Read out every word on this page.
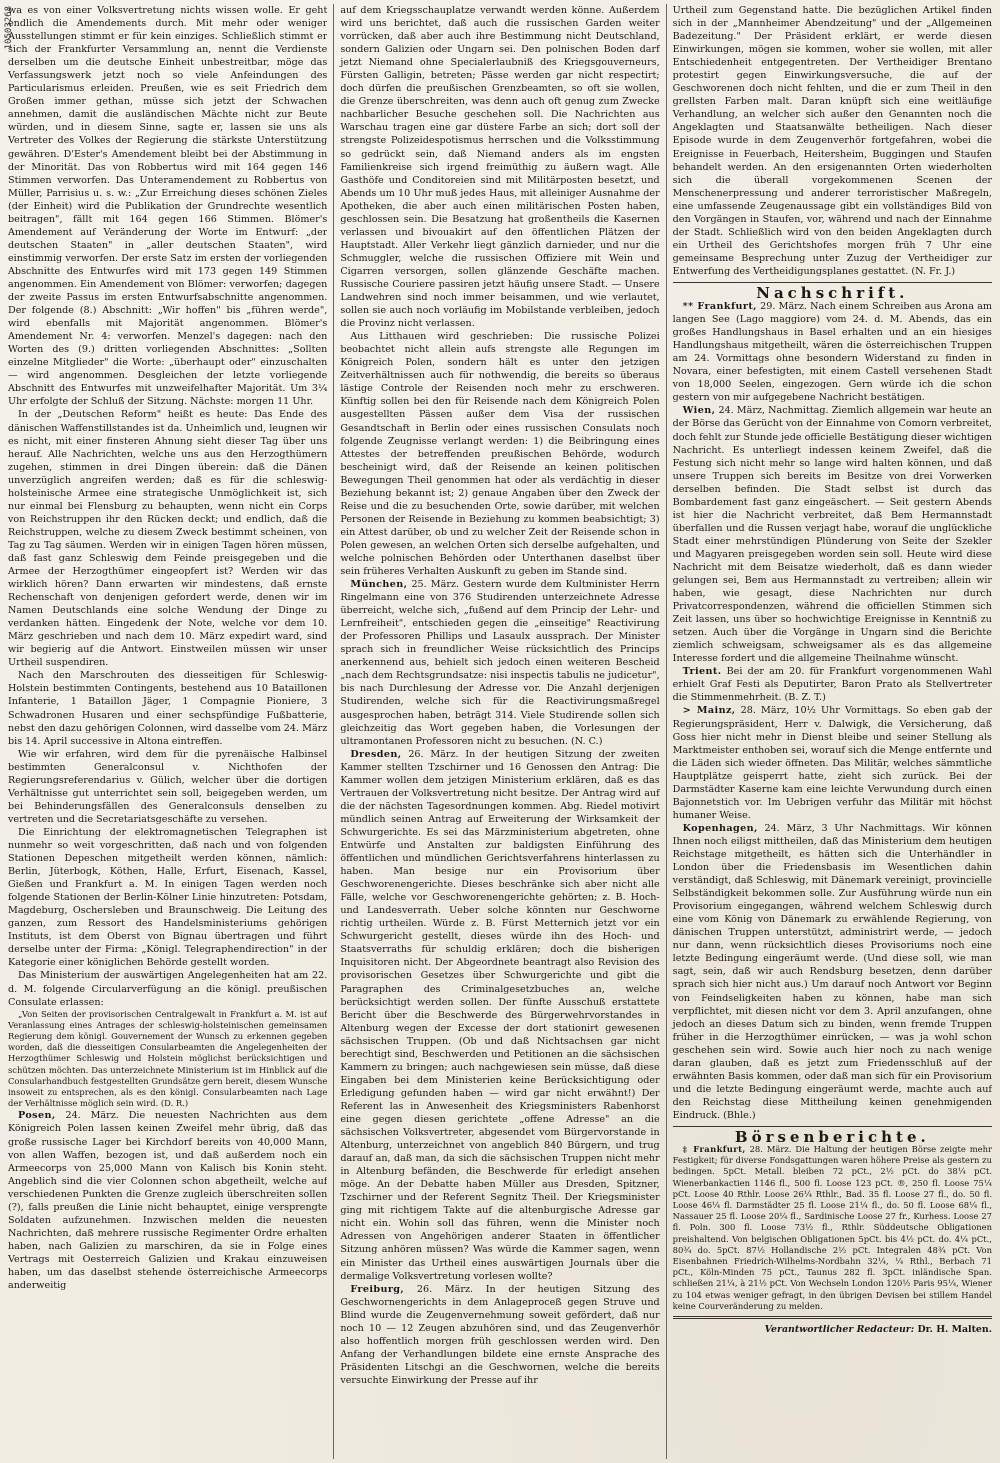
10503268

wa es von einer Volksvertretung nichts wissen wolle. Er geht endlich die Amendements durch. Mit mehr oder weniger Ausstellungen stimmt er für kein einziges. Schließlich stimmt er sich der Frankfurter Versammlung an, nennt die Verdienste derselben um die deutsche Einheit unbestreitbar, möge das Verfassungswerk jetzt noch so viele Anfeindungen des Particularismus erleiden. Preußen, wie es seit Friedrich dem Großen immer gethan, müsse sich jetzt der Schwachen annehmen, damit die ausländischen Mächte nicht zur Beute würden, und in diesem Sinne, sagte er, lassen sie uns als Vertreter des Volkes der Regierung die stärkste Unterstützung gewähren. D'Ester's Amendement bleibt bei der Abstimmung in der Minorität. Das von Robbertus wird mit 164 gegen 146 Stimmen verworfen. Das Unteramendement zu Robbertus von Müller, Parrisius u. s. w.: „Zur Erreichung dieses schönen Zieles (der Einheit) wird die Publikation der Grundrechte wesentlich beitragen", fällt mit 164 gegen 166 Stimmen. Blömer's Amendement auf Veränderung der Worte im Entwurf: „der deutschen Staaten" in „aller deutschen Staaten", wird einstimmig verworfen. Der erste Satz im ersten der vorliegenden Abschnitte des Entwurfes wird mit 173 gegen 149 Stimmen angenommen. Ein Amendement von Blömer: verworfen; dagegen der zweite Passus im ersten Entwurfsabschnitte angenommen. Der folgende (8.) Abschnitt: „Wir hoffen" bis „führen werde", wird ebenfalls mit Majorität angenommen. Blömer's Amendement Nr. 4: verworfen. Menzel's dagegen: nach den Worten des (9.) dritten vorliegenden Abschnittes: „Sollten einzelne Mitglieder" die Worte: „überhaupt oder" einzuschalten — wird angenommen. Desgleichen der letzte vorliegende Abschnitt des Entwurfes mit unzweifelhafter Majorität. Um 3¼ Uhr erfolgte der Schluß der Sitzung. Nächste: morgen 11 Uhr.

In der „Deutschen Reform" heißt es heute: Das Ende des dänischen Waffenstillstandes ist da. Unheimlich und, leugnen wir es nicht, mit einer finsteren Ahnung sieht dieser Tag über uns herauf. Alle Nachrichten, welche uns aus den Herzogthümern zugehen, stimmen in drei Dingen überein: daß die Dänen unverzüglich angreifen werden; daß es für die schleswig-holsteinische Armee eine strategische Unmöglichkeit ist, sich nur einmal bei Flensburg zu behaupten, wenn nicht ein Corps von Reichstruppen ihr den Rücken deckt; und endlich, daß die Reichstruppen, welche zu diesem Zweck bestimmt scheinen, von Tag zu Tag säumen. Werden wir in einigen Tagen hören müssen, daß fast ganz Schleswig dem Feinde preisgegeben und die Armee der Herzogthümer eingeopfert ist? Werden wir das wirklich hören? Dann erwarten wir mindestens, daß ernste Rechenschaft von denjenigen gefordert werde, denen wir im Namen Deutschlands eine solche Wendung der Dinge zu verdanken hätten. Eingedenk der Note, welche vor dem 10. März geschrieben und nach dem 10. März expedirt ward, sind wir begierig auf die Antwort. Einstweilen müssen wir unser Urtheil suspendiren.

Nach den Marschrouten des diesseitigen für Schleswig-Holstein bestimmten Contingents, bestehend aus 10 Bataillonen Infanterie, 1 Bataillon Jäger, 1 Compagnie Pioniere, 3 Schwadronen Husaren und einer sechspfündige Fußbatterie, nebst den dazu gehörigen Colonnen, wird dasselbe vom 24. März bis 14. April successive in Altona eintreffen.

Wie wir erfahren, wird dem für die pyrenäische Halbinsel bestimmten Generalconsul v. Nichthofen der Regierungsreferendarius v. Gülich, welcher über die dortigen Verhältnisse gut unterrichtet sein soll, beigegeben werden, um bei Behinderungsfällen des Generalconsuls denselben zu vertreten und die Secretariatsgeschäfte zu versehen.

Die Einrichtung der elektromagnetischen Telegraphen ist nunmehr so weit vorgeschritten, daß nach und von folgenden Stationen Depeschen mitgetheilt werden können, nämlich: Berlin, Jüterbogk, Köthen, Halle, Erfurt, Eisenach, Kassel, Gießen und Frankfurt a. M. In einigen Tagen werden noch folgende Stationen der Berlin-Kölner Linie hinzutreten: Potsdam, Magdeburg, Oschersleben und Braunschweig. Die Leitung des ganzen, zum Ressort des Handelsministeriums gehörigen Instituts, ist dem Oberst von Bignau übertragen und führt derselbe unter der Firma: „Königl. Telegraphendirection" in der Kategorie einer königlichen Behörde gestellt worden.

Das Ministerium der auswärtigen Angelegenheiten hat am 22. d. M. folgende Circularverfügung an die königl. preußischen Consulate erlassen:

„Von Seiten der provisorischen Centralgewalt in Frankfurt a. M. ist auf Veranlassung eines Antrages der schleswig-holsteinischen gemeinsamen Regierung dem königl. Gouvernement der Wunsch zu erkennen gegeben worden, daß die diesseitigen Consularbeamten die Angelegenheiten der Herzogthümer Schleswig und Holstein möglichst berücksichtigen und schützen möchten. Das unterzeichnete Ministerium ist im Hinblick auf die Consularhandbuch festgestellten Grundsätze gern bereit, diesem Wunsche insoweit zu entsprechen, als es den königl. Consularbeamten nach Lage der Verhältnisse möglich sein wird. (D. R.)

Posen, 24. März. Die neuesten Nachrichten aus dem Königreich Polen lassen keinen Zweifel mehr übrig, daß das große russische Lager bei Kirchdorf bereits von 40,000 Mann, von allen Waffen, bezogen ist, und daß außerdem noch ein Armeecorps von 25,000 Mann von Kalisch bis Konin steht. Angeblich sind die vier Colonnen schon abgetheilt, welche auf verschiedenen Punkten die Grenze zugleich überschreiten sollen (?), falls preußen die Linie nicht behauptet, einige versprengte Soldaten aufzunehmen. Inzwischen melden die neuesten Nachrichten, daß mehrere russische Regimenter Ordre erhalten haben, nach Galizien zu marschiren, da sie in Folge eines Vertrags mit Oesterreich Galizien und Krakau einzuweisen haben, um das daselbst stehende österreichische Armeecorps anderweitig

auf dem Kriegsschauplatze verwandt werden könne. Außerdem wird uns berichtet, daß auch die russischen Garden weiter vorrücken, daß aber auch ihre Bestimmung nicht Deutschland, sondern Galizien oder Ungarn sei. Den polnischen Boden darf jetzt Niemand ohne Specialerlaubniß des Kriegsgouverneurs, Fürsten Galligin, betreten; Pässe werden gar nicht respectirt; doch dürfen die preußischen Grenzbeamten, so oft sie wollen, die Grenze überschreiten, was denn auch oft genug zum Zwecke nachbarlicher Besuche geschehen soll. Die Nachrichten aus Warschau tragen eine gar düstere Farbe an sich; dort soll der strengste Polizeidespotismus herrschen und die Volksstimmung so gedrückt sein, daß Niemand anders als im engsten Familienkreise sich irgend freimüthig zu äußern wagt. Alle Gasthöfe und Conditoreien sind mit Militärposten besetzt, und Abends um 10 Uhr muß jedes Haus, mit alleiniger Ausnahme der Apotheken, die aber auch einen militärischen Posten haben, geschlossen sein. Die Besatzung hat großentheils die Kasernen verlassen und bivouakirt auf den öffentlichen Plätzen der Hauptstadt. Aller Verkehr liegt gänzlich darnieder, und nur die Schmuggler, welche die russischen Offiziere mit Wein und Cigarren versorgen, sollen glänzende Geschäfte machen. Russische Couriere passiren jetzt häufig unsere Stadt. — Unsere Landwehren sind noch immer beisammen, und wie verlautet, sollen sie auch noch vorläufig im Mobilstande verbleiben, jedoch die Provinz nicht verlassen.

Aus Litthauen wird geschrieben: Die russische Polizei beobachtet nicht allein aufs strengste alle Regungen im Königreich Polen, sondern hält es unter den jetzigen Zeitverhältnissen auch für nothwendig, die bereits so überaus lästige Controle der Reisenden noch mehr zu erschweren. Künftig sollen bei den für Reisende nach dem Königreich Polen ausgestellten Pässen außer dem Visa der russischen Gesandtschaft in Berlin oder eines russischen Consulats noch folgende Zeugnisse verlangt werden: 1) die Beibringung eines Attestes der betreffenden preußischen Behörde, wodurch bescheinigt wird, daß der Reisende an keinen politischen Bewegungen Theil genommen hat oder als verdächtig in dieser Beziehung bekannt ist; 2) genaue Angaben über den Zweck der Reise und die zu besuchenden Orte, sowie darüber, mit welchen Personen der Reisende in Beziehung zu kommen beabsichtigt; 3) ein Attest darüber, ob und zu welcher Zeit der Reisende schon in Polen gewesen, an welchen Orten sich derselbe aufgehalten, und welche polnischen Behörden oder Unterthanen daselbst über sein früheres Verhalten Auskunft zu geben im Stande sind.

München, 25. März. Gestern wurde dem Kultminister Herrn Ringelmann eine von 376 Studirenden unterzeichnete Adresse überreicht, welche sich, „fußend auf dem Princip der Lehr- und Lernfreiheit", entschieden gegen die „einseitige" Reactivirung der Professoren Phillips und Lasaulx aussprach. Der Minister sprach sich in freundlicher Weise rücksichtlich des Princips anerkennend aus, behielt sich jedoch einen weiteren Bescheid „nach dem Rechtsgrundsatze: nisi inspectis tabulis ne judicetur", bis nach Durchlesung der Adresse vor. Die Anzahl derjenigen Studirenden, welche sich für die Reactivirungsmaßregel ausgesprochen haben, beträgt 314. Viele Studirende sollen sich gleichzeitig das Wort gegeben haben, die Vorlesungen der ultramontanen Professoren nicht zu besuchen. (N. C.)

Dresden, 26. März. In der heutigen Sitzung der zweiten Kammer stellten Tzschirner und 16 Genossen den Antrag: Die Kammer wollen dem jetzigen Ministerium erklären, daß es das Vertrauen der Volksvertretung nicht besitze. Der Antrag wird auf die der nächsten Tagesordnungen kommen. Abg. Riedel motivirt mündlich seinen Antrag auf Erweiterung der Wirksamkeit der Schwurgerichte. Es sei das Märzministerium abgetreten, ohne Entwürfe und Anstalten zur baldigsten Einführung des öffentlichen und mündlichen Gerichtsverfahrens hinterlassen zu haben. Man besige nur ein Provisorium über Geschworenengerichte. Dieses beschränke sich aber nicht alle Fälle, welche vor Geschworenengerichte gehörten; z. B. Hoch- und Landesverrath. Ueber solche könnten nur Geschworne richtig urtheilen. Würde z. B. Fürst Metternich jetzt vor ein Schwurgericht gestellt, dieses würde ihn des Hoch- und Staatsverraths für schuldig erklären; doch die bisherigen Inquisitoren nicht. Der Abgeordnete beantragt also Revision des provisorischen Gesetzes über Schwurgerichte und gibt die Paragraphen des Criminalgesetzbuches an, welche berücksichtigt werden sollen. Der fünfte Ausschuß erstattete Bericht über die Beschwerde des Bürgerwehrvorstandes in Altenburg wegen der Excesse der dort stationirt gewesenen sächsischen Truppen. (Ob und daß Nichtsachsen gar nicht berechtigt sind, Beschwerden und Petitionen an die sächsischen Kammern zu bringen; auch nachgewiesen sein müsse, daß diese Eingaben bei dem Ministerien keine Berücksichtigung oder Erledigung gefunden haben — wird gar nicht erwähnt!) Der Referent las in Anwesenheit des Kriegsministers Rabenhorst eine gegen diesen gerichtete „offene Adresse" an die sächsischen Volksvertreter, abgesendet vom Bürgervorstande in Altenburg, unterzeichnet von angeblich 840 Bürgern, und trug darauf an, daß man, da sich die sächsischen Truppen nicht mehr in Altenburg befänden, die Beschwerde für erledigt ansehen möge. An der Debatte haben Müller aus Dresden, Spitzner, Tzschirner und der Referent Segnitz Theil. Der Kriegsminister ging mit richtigem Takte auf die altenburgische Adresse gar nicht ein. Wohin soll das führen, wenn die Minister noch Adressen von Angehörigen anderer Staaten in öffentlicher Sitzung anhören müssen? Was würde die Kammer sagen, wenn ein Minister das Urtheil eines auswärtigen Journals über die dermalige Volksvertretung vorlesen wollte?

Freiburg, 26. März. In der heutigen Sitzung des Geschwornengerichts in dem Anlageproceß gegen Struve und Blind wurde die Zeugenvernehmung soweit gefördert, daß nur noch 10 — 12 Zeugen abzuhören sind, und das Zeugenverhör also hoffentlich morgen früh geschlossen werden wird. Den Anfang der Verhandlungen bildete eine ernste Ansprache des Präsidenten Litschgi an die Geschwornen, welche die bereits versuchte Einwirkung der Presse auf ihr

Urtheil zum Gegenstand hatte. Die bezüglichen Artikel finden sich in der „Mannheimer Abendzeitung" und der „Allgemeinen Badezeitung." Der Präsident erklärt, er werde diesen Einwirkungen, mögen sie kommen, woher sie wollen, mit aller Entschiedenheit entgegentreten. Der Vertheidiger Brentano protestirt gegen Einwirkungsversuche, die auf der Geschworenen doch nicht fehlten, und die er zum Theil in den grellsten Farben malt. Daran knüpft sich eine weitläufige Verhandlung, an welcher sich außer den Genannten noch die Angeklagten und Staatsanwälte betheiligen. Nach dieser Episode wurde in dem Zeugenverhör fortgefahren, wobei die Ereignisse in Feuerbach, Heitersheim, Buggingen und Staufen behandelt werden. An den ersigenannten Orten wiederholten sich die überall vorgekommenen Scenen der Menschenerpressung und anderer terroristischer Maßregeln, eine umfassende Zeugenaussage gibt ein vollständiges Bild von den Vorgängen in Staufen, vor, während und nach der Einnahme der Stadt. Schließlich wird von den beiden Angeklagten durch ein Urtheil des Gerichtshofes morgen früh 7 Uhr eine gemeinsame Besprechung unter Zuzug der Vertheidiger zur Entwerfung des Vertheidigungsplanes gestattet. (N. Fr. J.)

Nachschrift.

** Frankfurt, 29. März. Nach einem Schreiben aus Arona am langen See (Lago maggiore) vom 24. d. M. Abends, das ein großes Handlungshaus in Basel erhalten und an ein hiesiges Handlungshaus mitgetheilt, wären die österreichischen Truppen am 24. Vormittags ohne besondern Widerstand zu finden in Novara, einer befestigten, mit einem Castell versehenen Stadt von 18,000 Seelen, eingezogen. Gern würde ich die schon gestern von mir aufgegebene Nachricht bestätigen.

Wien, 24. März, Nachmittag. Ziemlich allgemein war heute an der Börse das Gerücht von der Einnahme von Comorn verbreitet, doch fehlt zur Stunde jede officielle Bestätigung dieser wichtigen Nachricht. Es unterliegt indessen keinem Zweifel, daß die Festung sich nicht mehr so lange wird halten können, und daß unsere Truppen sich bereits im Besitze von drei Vorwerken derselben befinden. Die Stadt selbst ist durch das Bombardement fast ganz eingeäschert. — Seit gestern Abends ist hier die Nachricht verbreitet, daß Bem Hermannstadt überfallen und die Russen verjagt habe, worauf die unglückliche Stadt einer mehrstündigen Plünderung von Seite der Szekler und Magyaren preisgegeben worden sein soll. Heute wird diese Nachricht mit dem Beisatze wiederholt, daß es dann wieder gelungen sei, Bem aus Hermannstadt zu vertreiben; allein wir haben, wie gesagt, diese Nachrichten nur durch Privatcorrespondenzen, während die officiellen Stimmen sich Zeit lassen, uns über so hochwichtige Ereignisse in Kenntniß zu setzen. Auch über die Vorgänge in Ungarn sind die Berichte ziemlich schweigsam, schweigsamer als es das allgemeine Interesse fordert und die allgemeine Theilnahme wünscht.

Trient. Bei der am 20. für Frankfurt vorgenommenen Wahl erhielt Graf Festi als Deputirter, Baron Prato als Stellvertreter die Stimmenmehrheit. (B. Z. T.)

> Mainz, 28. März, 10½ Uhr Vormittags. So eben gab der Regierungspräsident, Herr v. Dalwigk, die Versicherung, daß Goss hier nicht mehr in Dienst bleibe und seiner Stellung als Marktmeister enthoben sei, worauf sich die Menge entfernte und die Läden sich wieder öffneten. Das Militär, welches sämmtliche Hauptplätze geisperrt hatte, zieht sich zurück. Bei der Darmstädter Kaserne kam eine leichte Verwundung durch einen Bajonnetstich vor. Im Uebrigen verfuhr das Militär mit höchst humaner Weise.

Kopenhagen, 24. März, 3 Uhr Nachmittags. Wir können Ihnen noch eiligst mittheilen, daß das Ministerium dem heutigen Reichstage mitgetheilt, es hätten sich die Unterhändler in London über die Friedensbasis im Wesentlichen dahin verständigt, daß Schleswig, mit Dänemark vereinigt, provincielle Selbständigkeit bekommen solle. Zur Ausführung würde nun ein Provisorium eingegangen, während welchem Schleswig durch eine vom König von Dänemark zu erwählende Regierung, von dänischen Truppen unterstützt, administrirt werde, — jedoch nur dann, wenn rücksichtlich dieses Provisoriums noch eine letzte Bedingung eingeräumt werde. (Und diese soll, wie man sagt, sein, daß wir auch Rendsburg besetzen, denn darüber sprach sich hier nicht aus.) Um darauf noch Antwort vor Beginn von Feindseligkeiten haben zu können, habe man sich verpflichtet, mit diesen nicht vor dem 3. April anzufangen, ohne jedoch an dieses Datum sich zu binden, wenn fremde Truppen früher in die Herzogthümer einrücken, — was ja wohl schon geschehen sein wird. Sowie auch hier noch zu nach wenige daran glauben, daß es jetzt zum Friedensschluß auf der erwähnten Basis kommen, oder daß man sich für ein Provisorium und die letzte Bedingung eingeräumt werde, machte auch auf den Reichstag diese Mittheilung keinen genehmigenden Eindruck. (Bhle.)

Börsenberichte.

‡ Frankfurt, 28. März. Die Haltung der heutigen Börse zeigte mehr Festigkeit; für diverse Fondsgattungen waren höhere Preise als gestern zu bedingen. 5pCt. Metall. bleiben 72 pCt., 2½ pCt. do 38¼ pCt. Wienerbankactien 1146 fl., 500 fl. Loose 123 pCt. ®, 250 fl. Loose 75¼ pCt. Loose 40 Rthlr. Loose 26¼ Rthlr., Bad. 35 fl. Loose 27 fl., do. 50 fl. Loose 46¼ fl. Darmstädter 25 fl. Loose 21¼ fl., do. 50 fl. Loose 68¼ fl., Nassauer 25 fl. Loose 20¼ fl., Sardinische Loose 27 fr., Kurhess. Loose 27 fl. Poln. 300 fl. Loose 73½ fl., Rthlr. Süddeutsche Obligationen preishaltend. Von belgischen Obligationen 5pCt. bis 4½ pCt. do. 4¼ pCt., 80¾ do. 5pCt. 87½ Hollandische 2½ pCt. Integralen 48¾ pCt. Von Eisenbahnen Friedrich-Wilhelms-Nordbahn 32¼, ¼ Rthl., Berbach 71 pCt., Köln-Minden 75 pCt., Taunus 282 fl. 3pCt. inländische Span. schließen 21¼, à 21½ pCt. Von Wechseln London 120½ Paris 95¼, Wiener zu 104 etwas weniger gefragt, in den übrigen Devisen bei stillem Handel keine Courveränderung zu melden.

Verantwortlicher Redacteur: Dr. H. Malten.
